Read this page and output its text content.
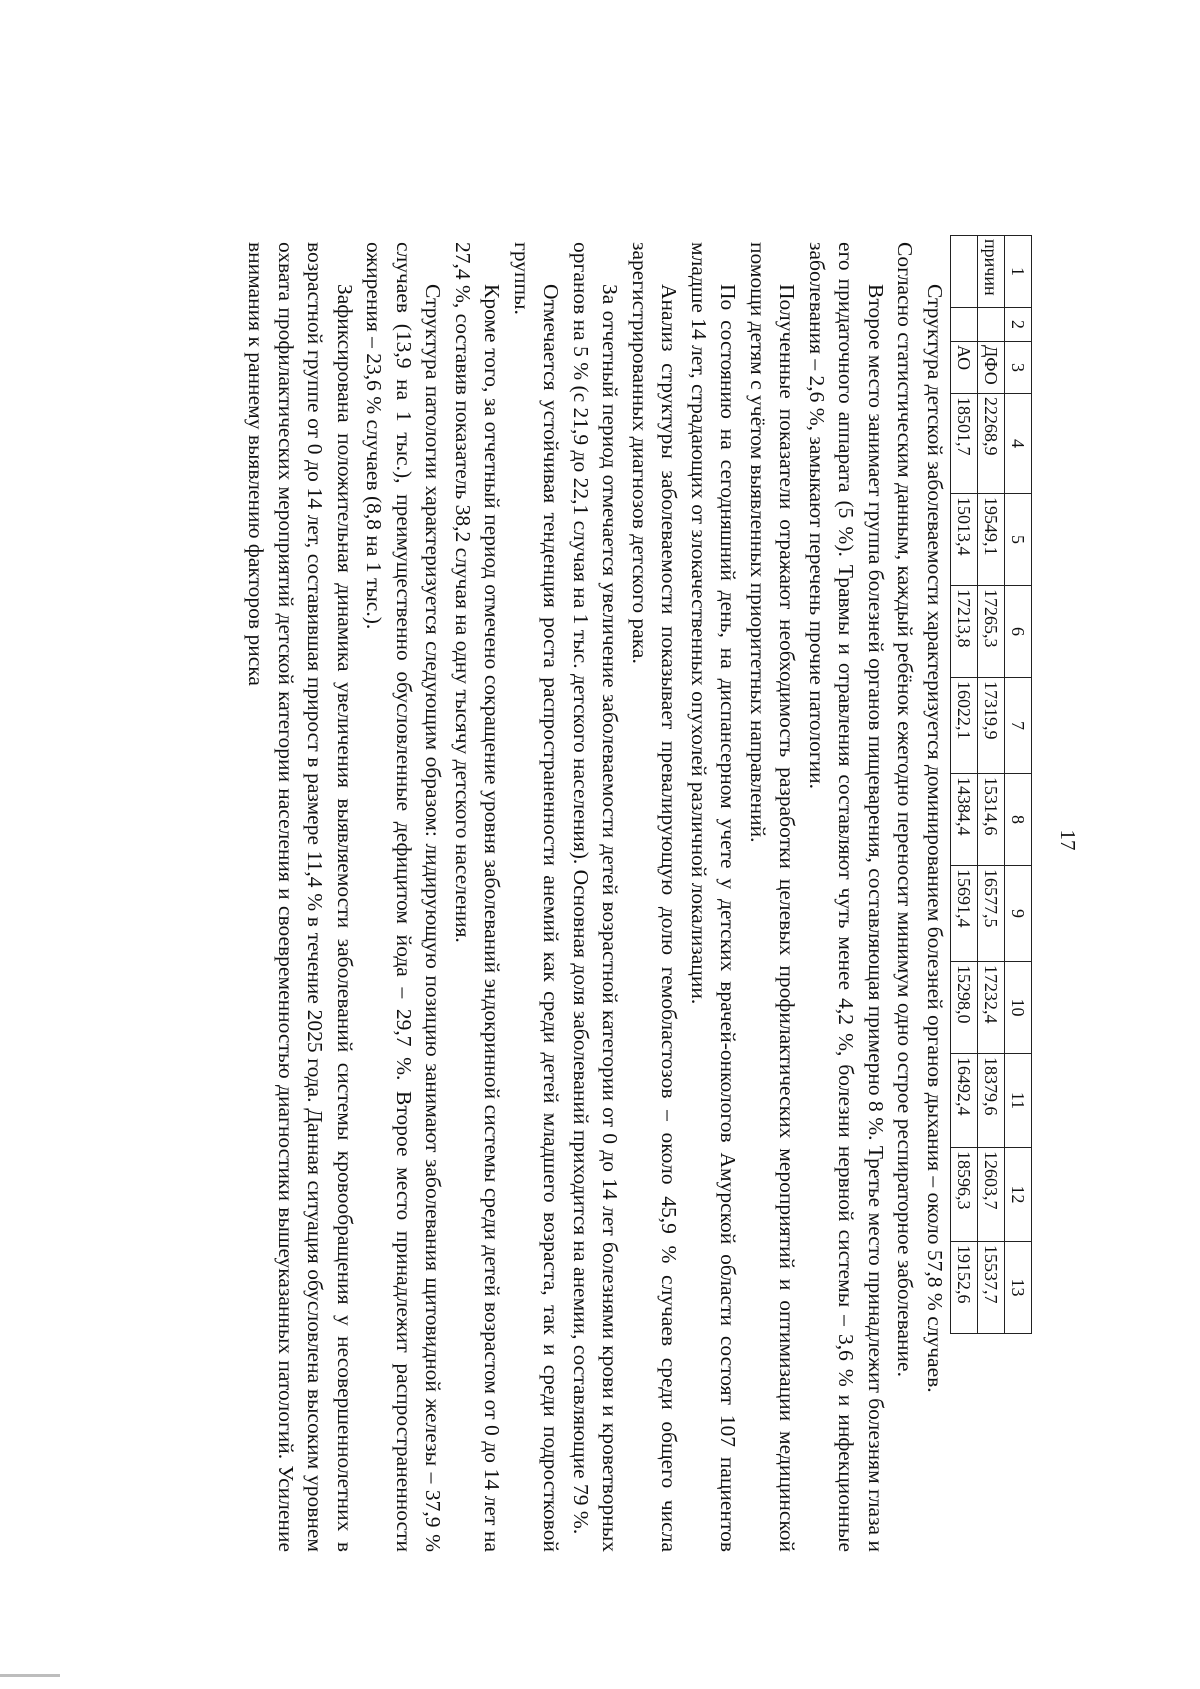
17
1	2	3	4	5	6	7	8	9	10	11	12	13
причин		ДФО	22268,9	19549,1	17265,3	17319,9	15314,6	16577,5	17232,4	18379,6	12603,7	15537,7
		АО	18501,7	15013,4	17213,8	16022,1	14384,4	15691,4	15298,0	16492,4	18596,3	19152,6

Структура детской заболеваемости характеризуется доминированием болезней органов дыхания – около 57,8 % случаев.

Согласно статистическим данным, каждый ребёнок ежегодно переносит минимум одно острое респираторное заболевание.

Второе место занимает группа болезней органов пищеварения, составляющая примерно 8 %. Третье место принадлежит болезням глаза и его придаточного аппарата (5 %). Травмы и отравления составляют чуть менее 4,2 %, болезни нервной системы – 3,6 % и инфекционные заболевания – 2,6 %, замыкают перечень прочие патологии.

Полученные показатели отражают необходимость разработки целевых профилактических мероприятий и оптимизации медицинской помощи детям с учётом выявленных приоритетных направлений.

По состоянию на сегодняшний день, на диспансерном учете у детских врачей-онкологов Амурской области состоят 107 пациентов младше 14 лет, страдающих от злокачественных опухолей различной локализации.

Анализ структуры заболеваемости показывает превалирующую долю гемобластозов – около 45,9 % случаев среди общего числа зарегистрированных диагнозов детского рака.

За отчетный период отмечается увеличение заболеваемости детей возрастной категории от 0 до 14 лет болезнями крови и кроветворных органов на 5 % (с 21,9 до 22,1 случая на 1 тыс. детского населения). Основная доля заболеваний приходится на анемии, составляющие 79 %.

Отмечается устойчивая тенденция роста распространенности анемий как среди детей младшего возраста, так и среди подростковой группы.

Кроме того, за отчетный период отмечено сокращение уровня заболеваний эндокринной системы среди детей возрастом от 0 до 14 лет на 27,4 %, составив показатель 38,2 случая на одну тысячу детского населения.

Структура патологии характеризуется следующим образом: лидирующую позицию занимают заболевания щитовидной железы – 37,9 % случаев (13,9 на 1 тыс.), преимущественно обусловленные дефицитом йода – 29,7 %. Второе место принадлежит распространенности ожирения – 23,6 % случаев (8,8 на 1 тыс.).

Зафиксирована положительная динамика увеличения выявляемости заболеваний системы кровообращения у несовершеннолетних в возрастной группе от 0 до 14 лет, составившая прирост в размере 11,4 % в течение 2025 года. Данная ситуация обусловлена высоким уровнем охвата профилактических мероприятий детской категории населения и своевременностью диагностики вышеуказанных патологий. Усиление внимания к раннему выявлению факторов риска
